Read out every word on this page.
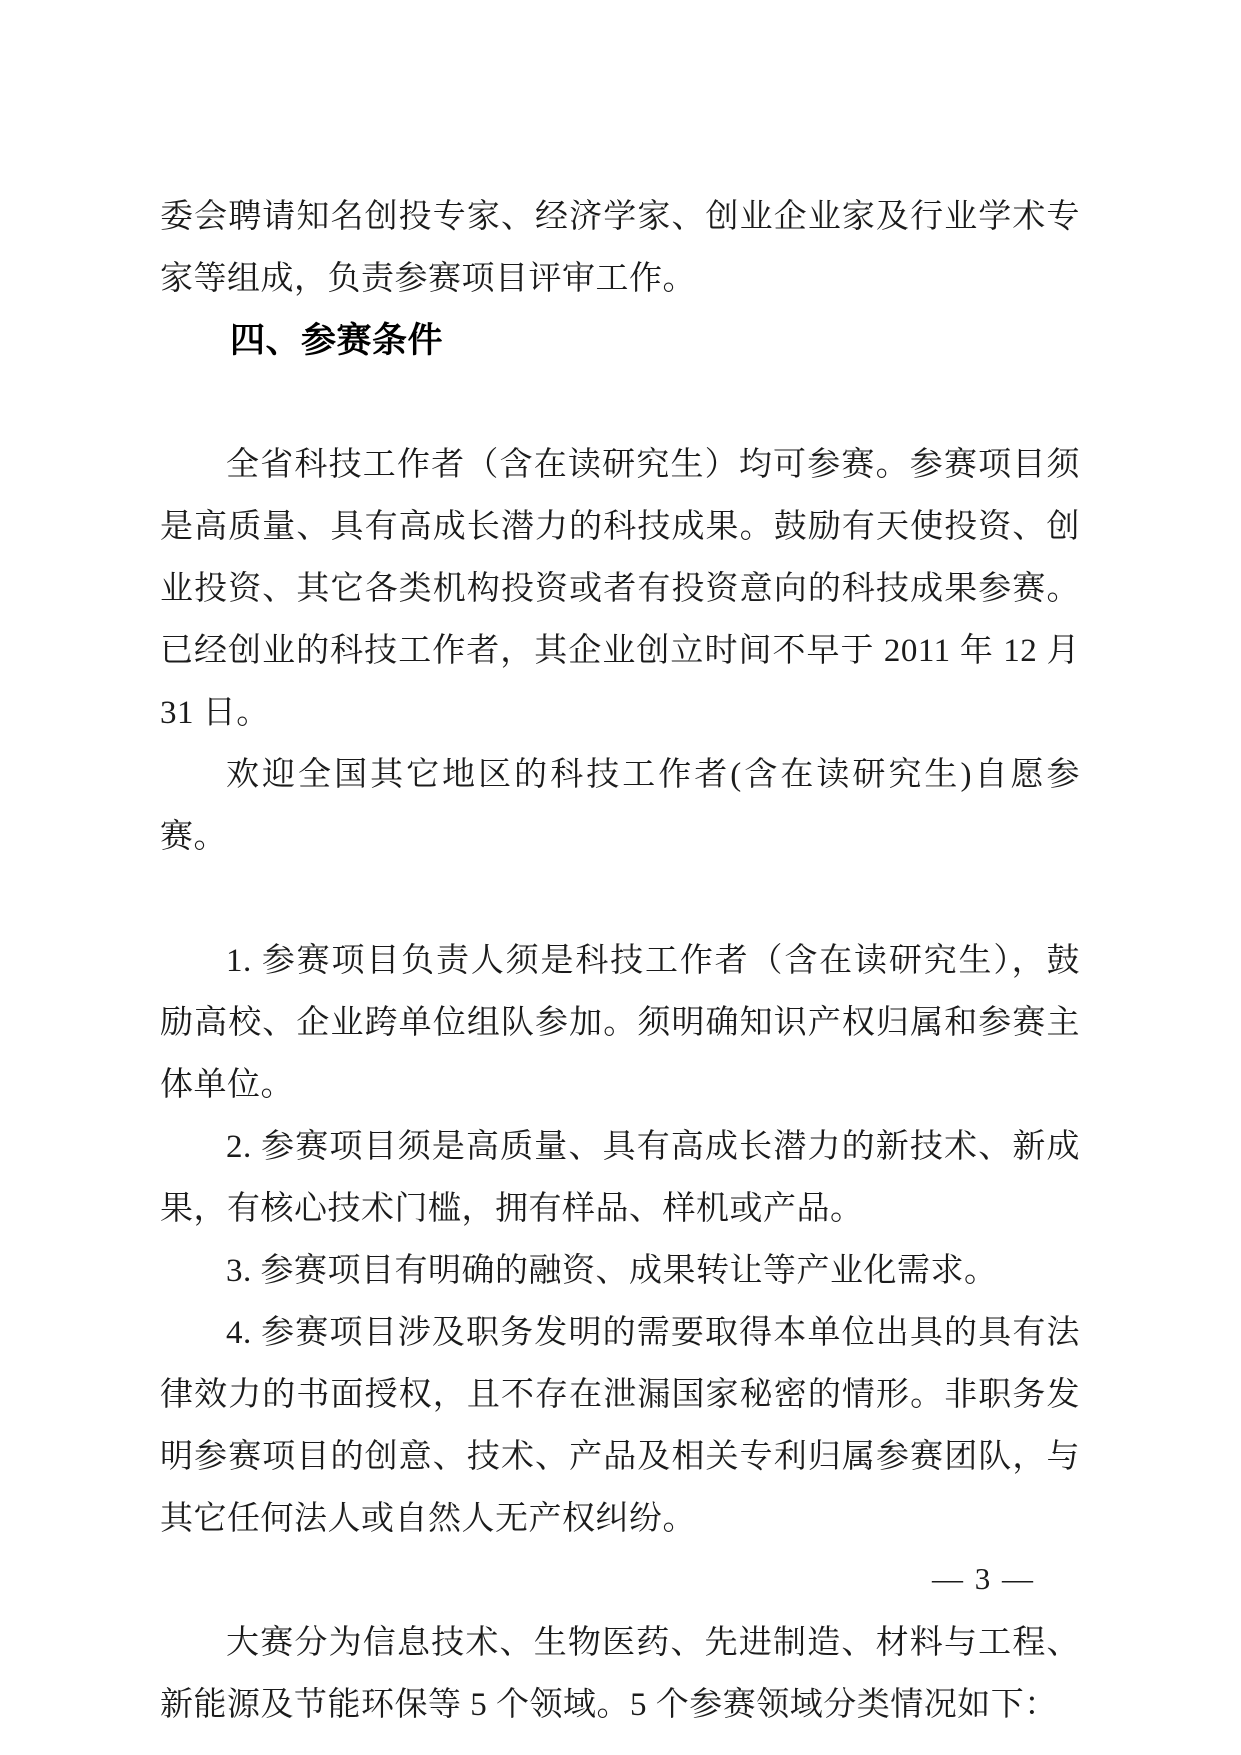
委会聘请知名创投专家、经济学家、创业企业家及行业学术专家等组成，负责参赛项目评审工作。

四、参赛条件

全省科技工作者（含在读研究生）均可参赛。参赛项目须是高质量、具有高成长潜力的科技成果。鼓励有天使投资、创业投资、其它各类机构投资或者有投资意向的科技成果参赛。已经创业的科技工作者，其企业创立时间不早于 2011 年 12 月 31 日。

欢迎全国其它地区的科技工作者(含在读研究生)自愿参赛。

1. 参赛项目负责人须是科技工作者（含在读研究生），鼓励高校、企业跨单位组队参加。须明确知识产权归属和参赛主体单位。

2. 参赛项目须是高质量、具有高成长潜力的新技术、新成果，有核心技术门槛，拥有样品、样机或产品。

3. 参赛项目有明确的融资、成果转让等产业化需求。

4. 参赛项目涉及职务发明的需要取得本单位出具的具有法律效力的书面授权，且不存在泄漏国家秘密的情形。非职务发明参赛项目的创意、技术、产品及相关专利归属参赛团队，与其它任何法人或自然人无产权纠纷。

大赛分为信息技术、生物医药、先进制造、材料与工程、新能源及节能环保等 5 个领域。5 个参赛领域分类情况如下：

— 3 —
